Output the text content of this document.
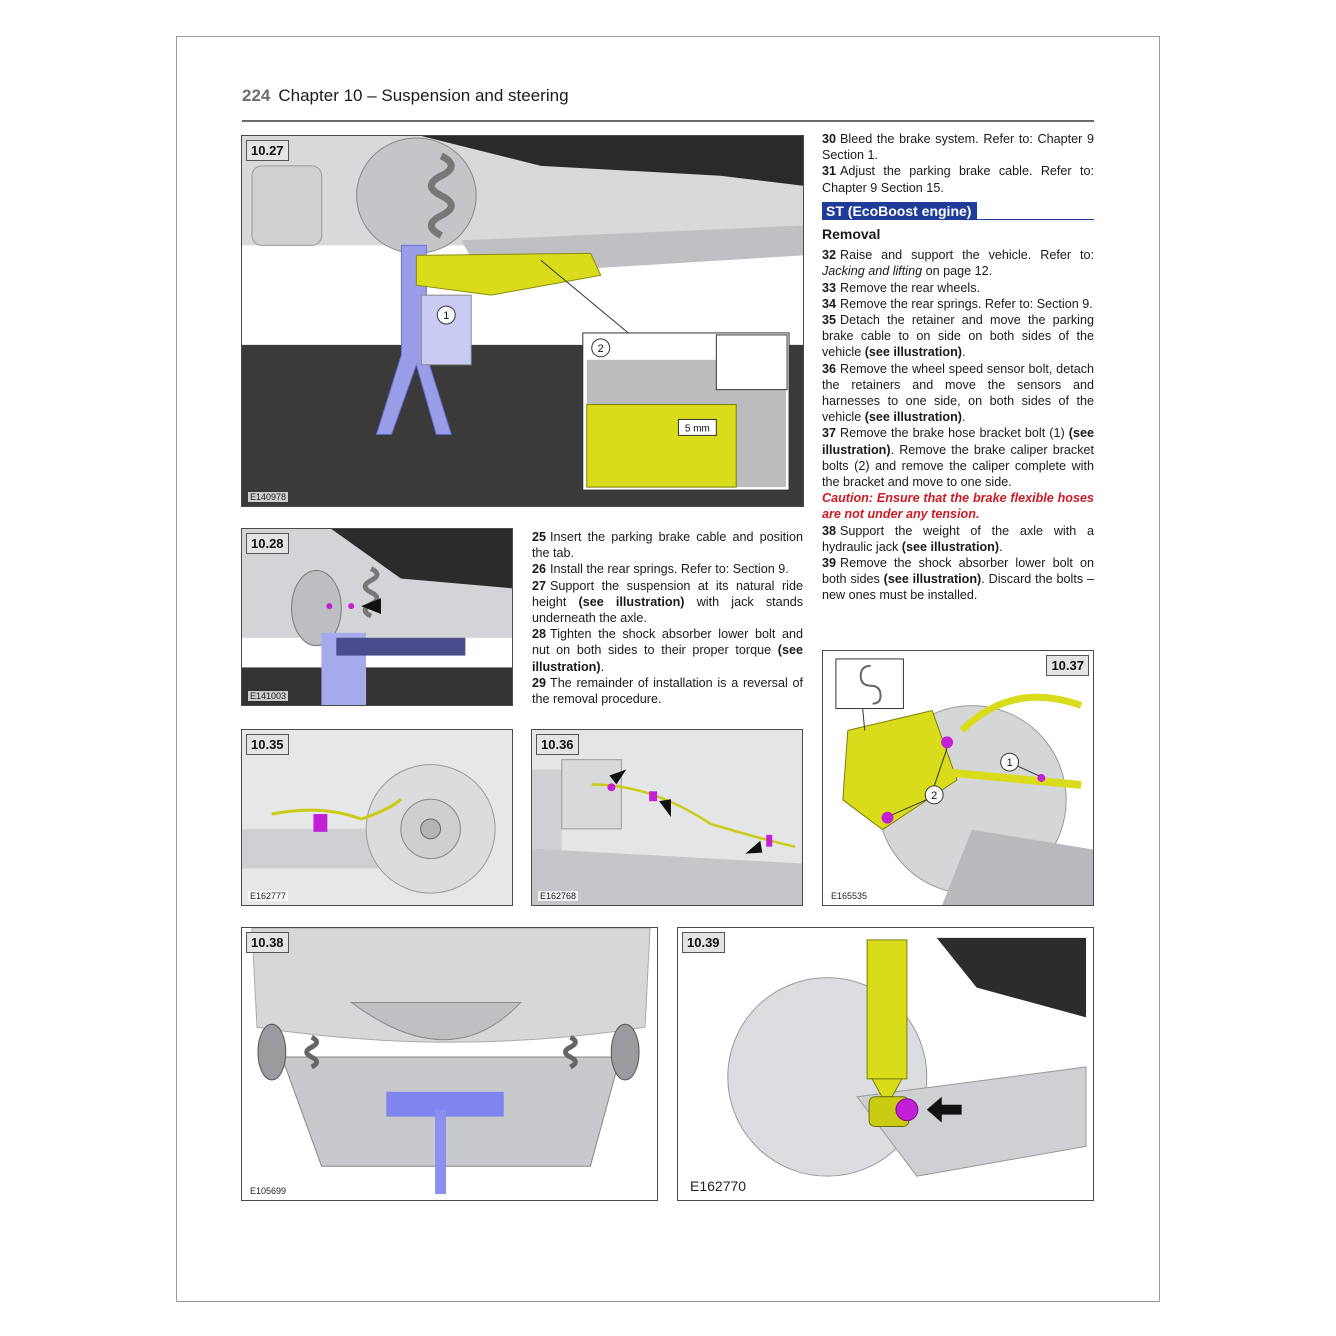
224 Chapter 10 – Suspension and steering
1
2
5 mm
10.27
E140978
10.28
E141003

25 Insert the parking brake cable and position the tab.

26 Install the rear springs. Refer to: Section 9.

27 Support the suspension at its natural ride height (see illustration) with jack stands underneath the axle.

28 Tighten the shock absorber lower bolt and nut on both sides to their proper torque (see illustration).

29 The remainder of installation is a reversal of the removal procedure.

30 Bleed the brake system. Refer to: Chapter 9 Section 1.

31 Adjust the parking brake cable. Refer to: Chapter 9 Section 15.

ST (EcoBoost engine)
Removal

32 Raise and support the vehicle. Refer to: Jacking and lifting on page 12.

33 Remove the rear wheels.

34 Remove the rear springs. Refer to: Section 9.

35 Detach the retainer and move the parking brake cable to on side on both sides of the vehicle (see illustration).

36 Remove the wheel speed sensor bolt, detach the retainers and move the sensors and harnesses to one side, on both sides of the vehicle (see illustration).

37 Remove the brake hose bracket bolt (1) (see illustration). Remove the brake caliper bracket bolts (2) and remove the caliper complete with the bracket and move to one side.

Caution: Ensure that the brake flexible hoses are not under any tension.

38 Support the weight of the axle with a hydraulic jack (see illustration).

39 Remove the shock absorber lower bolt on both sides (see illustration). Discard the bolts – new ones must be installed.

10.35
E162777
10.36
E162768
2
1
10.37
E165535
10.38
E105699
10.39
E162770
